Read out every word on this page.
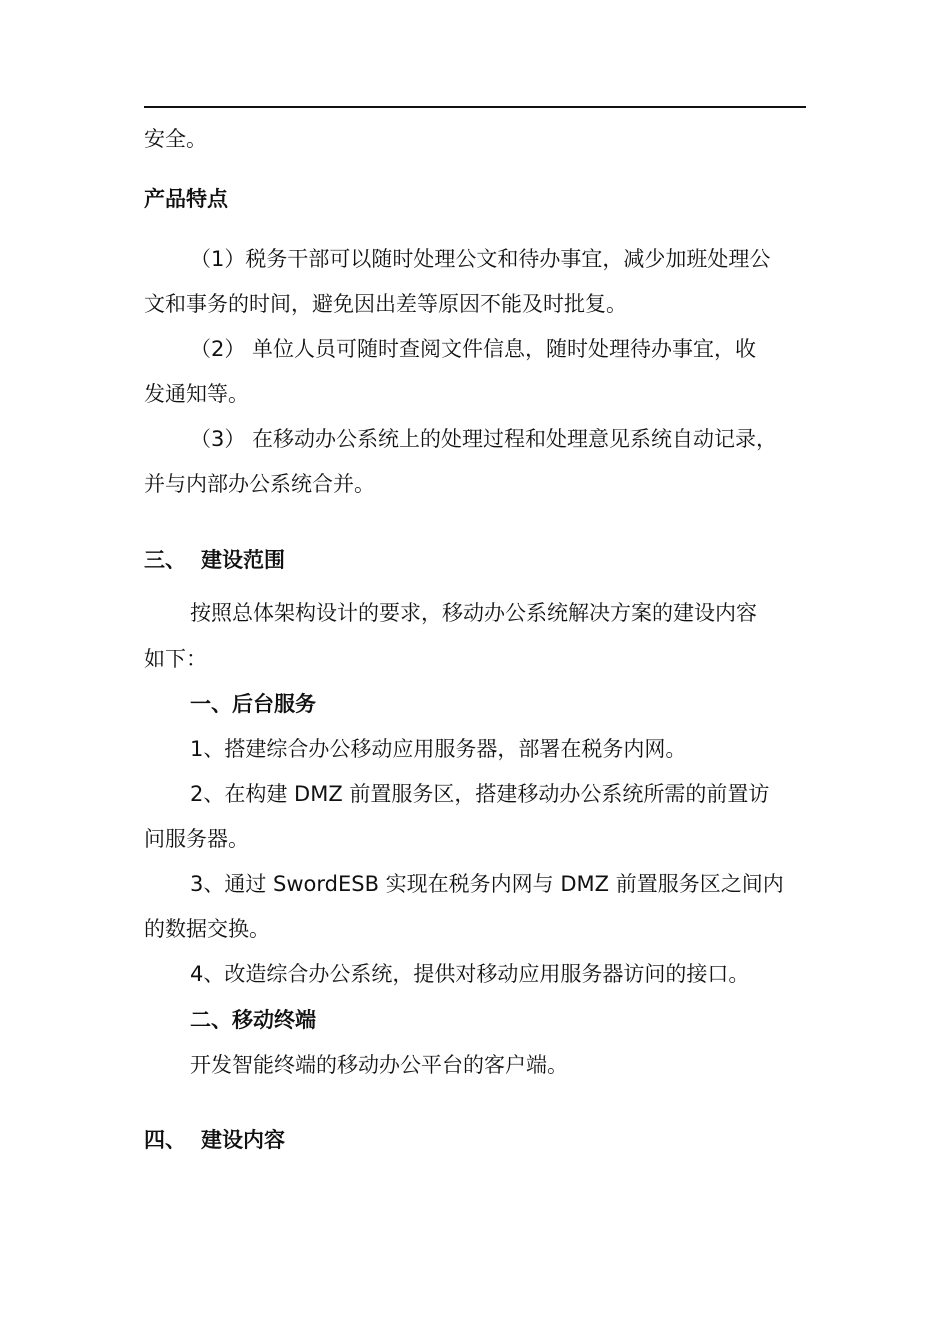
安全。
产品特点
（1）税务干部可以随时处理公文和待办事宜，减少加班处理公
文和事务的时间，避免因出差等原因不能及时批复。
（2） 单位人员可随时查阅文件信息，随时处理待办事宜，收
发通知等。
（3） 在移动办公系统上的处理过程和处理意见系统自动记录，
并与内部办公系统合并。
三、 建设范围
按照总体架构设计的要求，移动办公系统解决方案的建设内容
如下：
一、后台服务
1、搭建综合办公移动应用服务器，部署在税务内网。
2、在构建 DMZ 前置服务区，搭建移动办公系统所需的前置访
问服务器。
3、通过 SwordESB 实现在税务内网与 DMZ 前置服务区之间内
的数据交换。
4、改造综合办公系统，提供对移动应用服务器访问的接口。
二、移动终端
开发智能终端的移动办公平台的客户端。
四、 建设内容
